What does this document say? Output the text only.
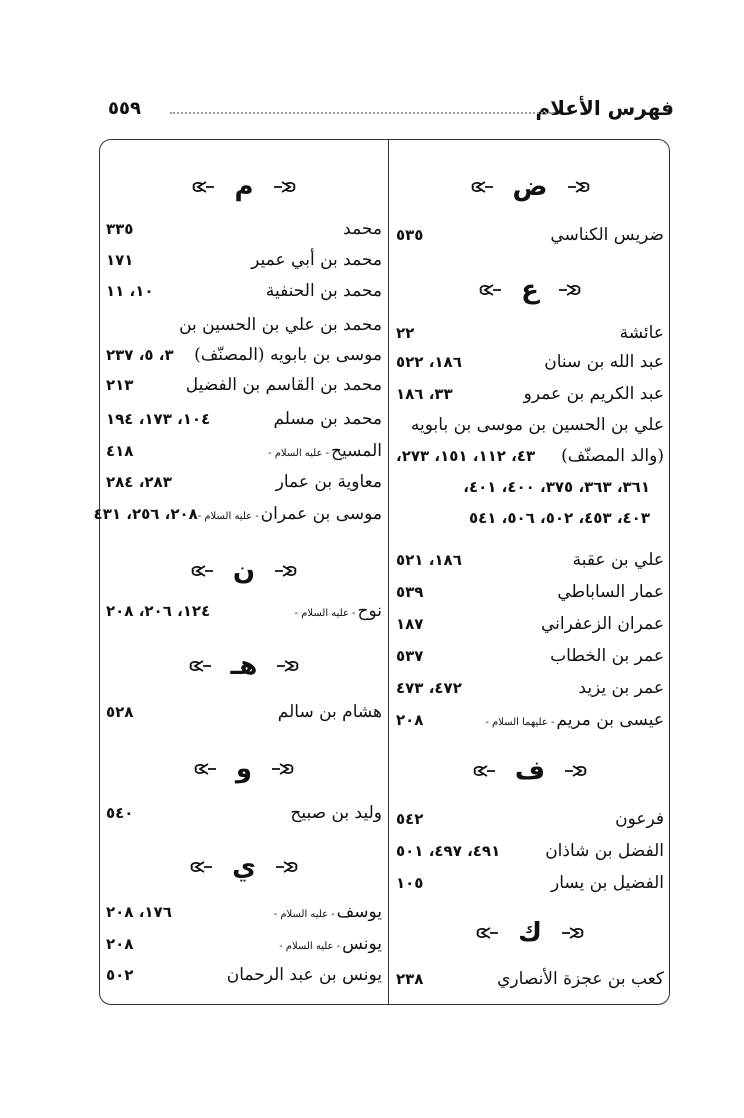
فهرس الأعلام
٥٥٩
ض
ضريس الكناسي
٥٣٥
ع
عائشة
٢٢
عبد الله بن سنان
١٨٦، ٥٢٢
عبد الكريم بن عمرو
٣٣، ١٨٦
علي بن الحسين بن موسى بن بابويه
(والد المصنّف)
٤٣، ١١٢، ١٥١، ٢٧٣،
٣٦١، ٣٦٣، ٣٧٥، ٤٠٠، ٤٠١،
٤٠٣، ٤٥٣، ٥٠٢، ٥٠٦، ٥٤١
علي بن عقبة
١٨٦، ٥٢١
عمار الساباطي
٥٣٩
عمران الزعفراني
١٨٧
عمر بن الخطاب
٥٣٧
عمر بن يزيد
٤٧٢، ٤٧٣
عيسى بن مريم- عليهما السلام -
٢٠٨
ف
فرعون
٥٤٢
الفضل بن شاذان
٤٩١، ٤٩٧، ٥٠١
الفضيل بن يسار
١٠٥
ك
كعب بن عجزة الأنصاري
٢٣٨
م
محمد
٣٣٥
محمد بن أبي عمير
١٧١
محمد بن الحنفية
١٠، ١١
محمد بن علي بن الحسين بن
موسى بن بابويه (المصنّف)
٣، ٥، ٢٣٧
محمد بن القاسم بن الفضيل
٢١٣
محمد بن مسلم
١٠٤، ١٧٣، ١٩٤
المسيح- عليه السلام -
٤١٨
معاوية بن عمار
٢٨٣، ٢٨٤
موسى بن عمران- عليه السلام -
٢٠٨، ٢٥٦، ٤٣١
ن
نوح- عليه السلام -
١٢٤، ٢٠٦، ٢٠٨
هـ
هشام بن سالم
٥٢٨
و
وليد بن صبيح
٥٤٠
ي
يوسف- عليه السلام -
١٧٦، ٢٠٨
يونس- عليه السلام -
٢٠٨
يونس بن عبد الرحمان
٥٠٢
